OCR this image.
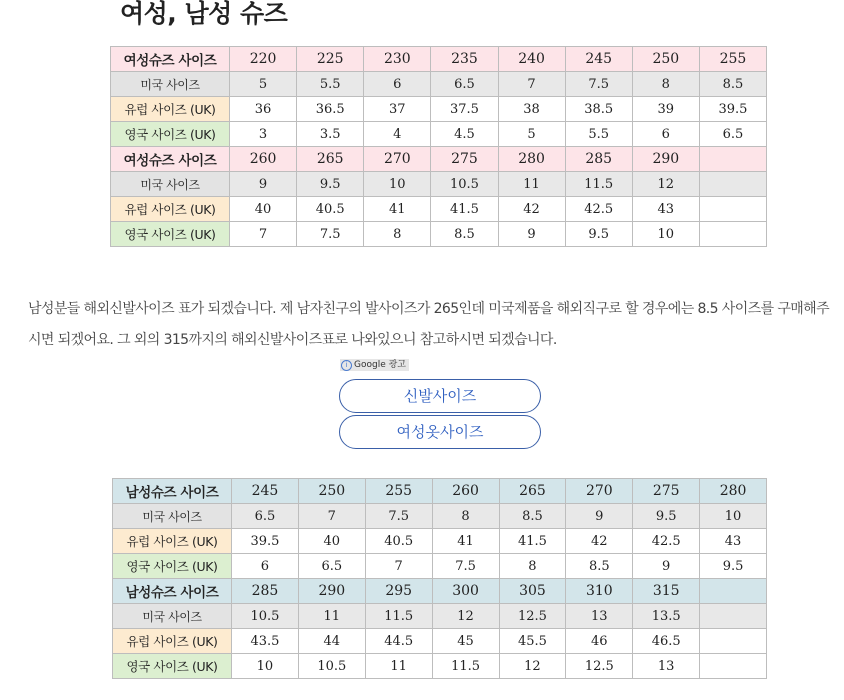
여성, 남성 슈즈
여성슈즈 사이즈	220	225	230	235	240	245	250	255
미국 사이즈	5	5.5	6	6.5	7	7.5	8	8.5
유럽 사이즈 (UK)	36	36.5	37	37.5	38	38.5	39	39.5
영국 사이즈 (UK)	3	3.5	4	4.5	5	5.5	6	6.5
여성슈즈 사이즈	260	265	270	275	280	285	290	
미국 사이즈	9	9.5	10	10.5	11	11.5	12	
유럽 사이즈 (UK)	40	40.5	41	41.5	42	42.5	43	
영국 사이즈 (UK)	7	7.5	8	8.5	9	9.5	10	

남성분들 해외신발사이즈 표가 되겠습니다. 제 남자친구의 발사이즈가 265인데 미국제품을 해외직구로 할 경우에는 8.5 사이즈를 구매해주시면 되겠어요. 그 외의 315까지의 해외신발사이즈표로 나와있으니 참고하시면 되겠습니다.

i Google 광고
신발사이즈
여성옷사이즈
남성슈즈 사이즈	245	250	255	260	265	270	275	280
미국 사이즈	6.5	7	7.5	8	8.5	9	9.5	10
유럽 사이즈 (UK)	39.5	40	40.5	41	41.5	42	42.5	43
영국 사이즈 (UK)	6	6.5	7	7.5	8	8.5	9	9.5
남성슈즈 사이즈	285	290	295	300	305	310	315	
미국 사이즈	10.5	11	11.5	12	12.5	13	13.5	
유럽 사이즈 (UK)	43.5	44	44.5	45	45.5	46	46.5	
영국 사이즈 (UK)	10	10.5	11	11.5	12	12.5	13	
